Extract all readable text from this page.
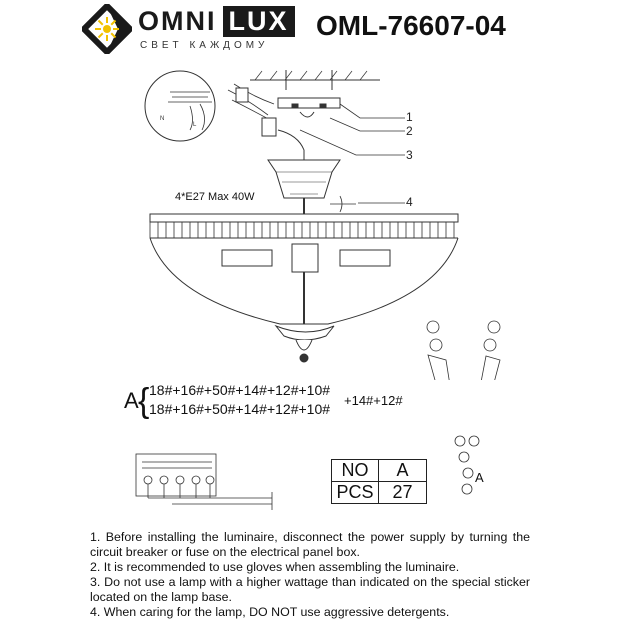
OMNI LUX
СВЕТ КАЖДОМУ
OML-76607-04
N
L
4*E27 Max 40W
1
2
3
4
A { 18#+16#+50#+14#+12#+10#
18#+16#+50#+14#+12#+10#
+14#+12#
A
NO	A
PCS	27

1. Before installing the luminaire, disconnect the power supply by turning the

circuit breaker or fuse on the electrical panel box.

2. It is recommended to use gloves when assembling the luminaire.

3. Do not use a lamp with a higher wattage than indicated on the special sticker

located on the lamp base.

4. When caring for the lamp, DO NOT use aggressive detergents.
